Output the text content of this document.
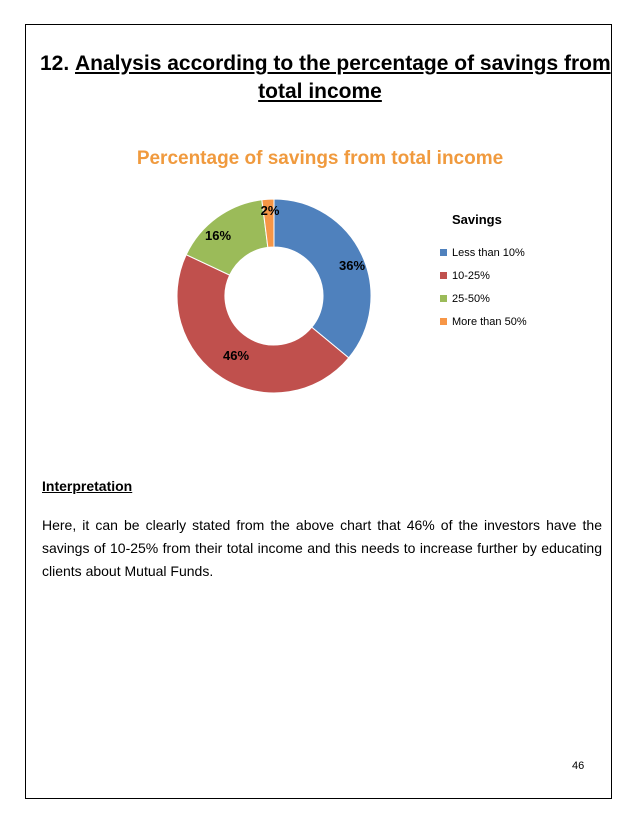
12. Analysis according to the percentage of savings from
total income
Percentage of savings from total income
36%
46%
16%
2%
Savings
Less than 10%
10-25%
25-50%
More than 50%
Interpretation
Here, it can be clearly stated from the above chart that 46% of the investors have the savings of 10-25% from their total income and this needs to increase further by educating clients about Mutual Funds.
46
